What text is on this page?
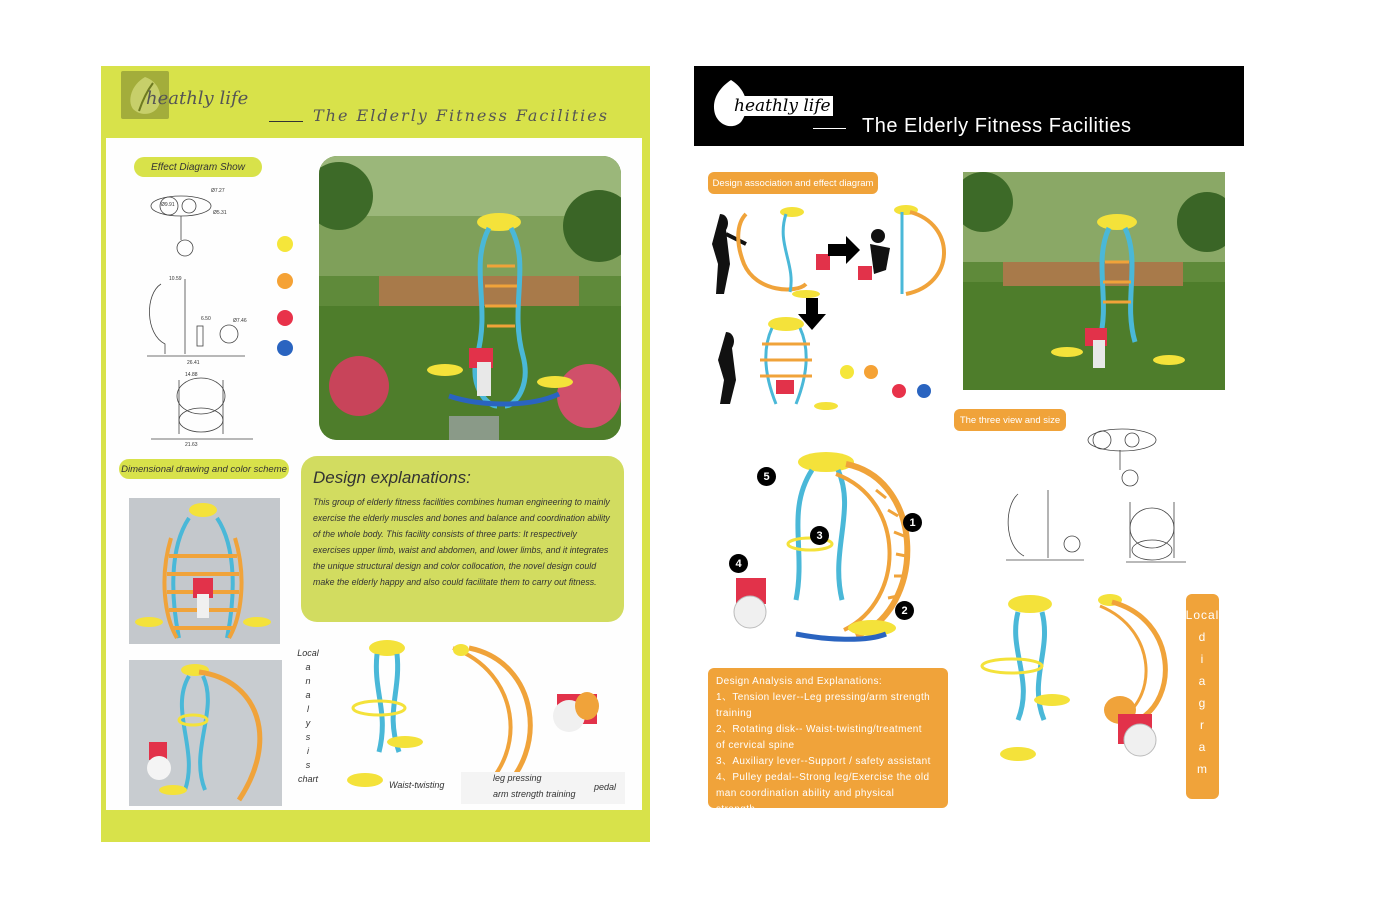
heathly life
The Elderly Fitness Facilities
Effect Diagram Show
Ø7.27
Ø9.91
Ø5.31
10.59
6.50
26.41
14.88
21.63
Ø7.46
Dimensional drawing and color scheme Design explanations:
This group of elderly fitness facilities combines human engineering to mainly exercise the elderly muscles and bones and balance and coordination ability of the whole body. This facility consists of three parts: It respectively exercises upper limb, waist and abdomen, and lower limbs, and it integrates the unique structural design and color collocation, the novel design could make the elderly happy and also could facilitate them to carry out fitness.
Local
a
n
a
l
y
s
i
s
chart
Waist-twisting
leg pressing
arm strength training
pedal
heathly life
The Elderly Fitness Facilities
Design association and effect diagram
The three view and size
1
2
3
4
5
Design Analysis and Explanations:
1、Tension lever--Leg pressing/arm strength
training
2、Rotating disk-- Waist-twisting/treatment
of cervical spine
3、Auxiliary lever--Support / safety assistant
4、Pulley pedal--Strong leg/Exercise the old
man coordination ability and physical
strength
Local
d
i
a
g
r
a
m
